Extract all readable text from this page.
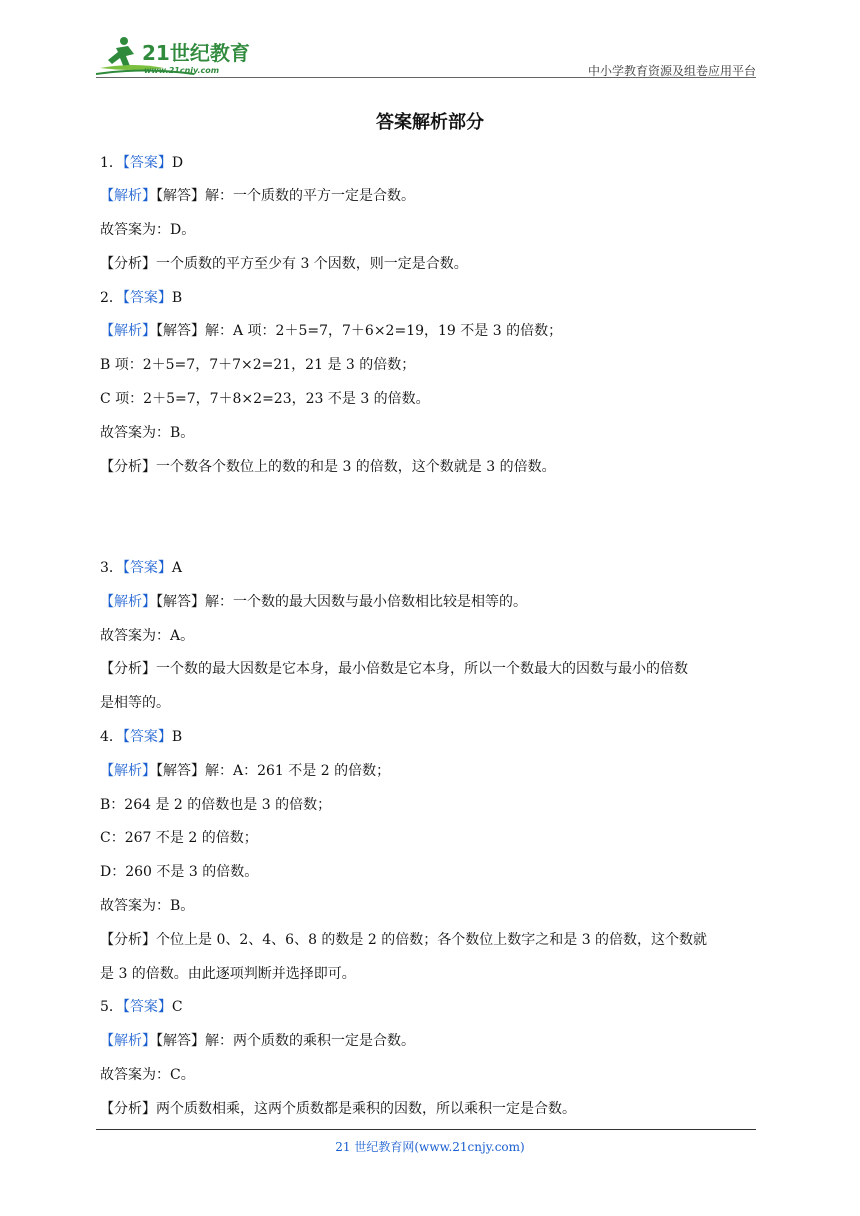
21世纪教育
www.21cnjy.com	中小学教育资源及组卷应用平台
答案解析部分
1．【答案】D
【解析】【解答】解：一个质数的平方一定是合数。
故答案为：D。
【分析】一个质数的平方至少有 3 个因数，则一定是合数。
2．【答案】B
【解析】【解答】解：A 项：2＋5=7，7＋6×2=19，19 不是 3 的倍数；
B 项：2＋5=7，7＋7×2=21，21 是 3 的倍数；
C 项：2＋5=7，7＋8×2=23，23 不是 3 的倍数。
故答案为：B。
【分析】一个数各个数位上的数的和是 3 的倍数，这个数就是 3 的倍数。
3．【答案】A
【解析】【解答】解：一个数的最大因数与最小倍数相比较是相等的。
故答案为：A。
【分析】一个数的最大因数是它本身，最小倍数是它本身，所以一个数最大的因数与最小的倍数
是相等的。
4．【答案】B
【解析】【解答】解：A：261 不是 2 的倍数；
B：264 是 2 的倍数也是 3 的倍数；
C：267 不是 2 的倍数；
D：260 不是 3 的倍数。
故答案为：B。
【分析】个位上是 0、2、4、6、8 的数是 2 的倍数；各个数位上数字之和是 3 的倍数，这个数就
是 3 的倍数。由此逐项判断并选择即可。
5．【答案】C
【解析】【解答】解：两个质数的乘积一定是合数。
故答案为：C。
【分析】两个质数相乘，这两个质数都是乘积的因数，所以乘积一定是合数。
21 世纪教育网(www.21cnjy.com)
